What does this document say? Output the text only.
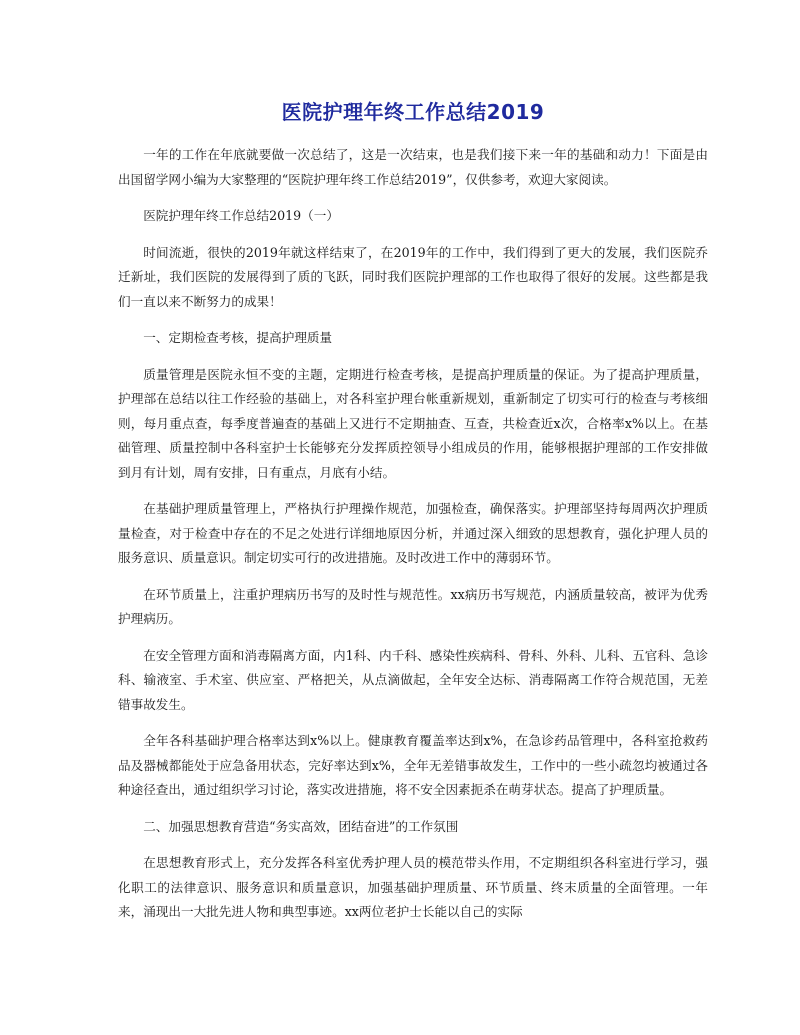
医院护理年终工作总结2019

一年的工作在年底就要做一次总结了，这是一次结束，也是我们接下来一年的基础和动力！下面是由出国留学网小编为大家整理的“医院护理年终工作总结2019”，仅供参考，欢迎大家阅读。

医院护理年终工作总结2019（一）

时间流逝，很快的2019年就这样结束了，在2019年的工作中，我们得到了更大的发展，我们医院乔迁新址，我们医院的发展得到了质的飞跃，同时我们医院护理部的工作也取得了很好的发展。这些都是我们一直以来不断努力的成果！

一、定期检查考核，提高护理质量

质量管理是医院永恒不变的主题，定期进行检查考核，是提高护理质量的保证。为了提高护理质量，护理部在总结以往工作经验的基础上，对各科室护理台帐重新规划，重新制定了切实可行的检查与考核细则，每月重点查，每季度普遍查的基础上又进行不定期抽查、互查，共检查近x次，合格率x%以上。在基础管理、质量控制中各科室护士长能够充分发挥质控领导小组成员的作用，能够根据护理部的工作安排做到月有计划，周有安排，日有重点，月底有小结。

在基础护理质量管理上，严格执行护理操作规范，加强检查，确保落实。护理部坚持每周两次护理质量检查，对于检查中存在的不足之处进行详细地原因分析，并通过深入细致的思想教育，强化护理人员的服务意识、质量意识。制定切实可行的改进措施。及时改进工作中的薄弱环节。

在环节质量上，注重护理病历书写的及时性与规范性。xx病历书写规范，内涵质量较高，被评为优秀护理病历。

在安全管理方面和消毒隔离方面，内1科、内千科、感染性疾病科、骨科、外科、儿科、五官科、急诊科、输液室、手术室、供应室、严格把关，从点滴做起，全年安全达标、消毒隔离工作符合规范国，无差错事故发生。

全年各科基础护理合格率达到x%以上。健康教育覆盖率达到x%，在急诊药品管理中，各科室抢救药品及器械都能处于应急备用状态，完好率达到x%，全年无差错事故发生，工作中的一些小疏忽均被通过各种途径查出，通过组织学习讨论，落实改进措施，将不安全因素扼杀在萌芽状态。提高了护理质量。

二、加强思想教育营造“务实高效，团结奋进”的工作氛围

在思想教育形式上，充分发挥各科室优秀护理人员的模范带头作用，不定期组织各科室进行学习，强化职工的法律意识、服务意识和质量意识，加强基础护理质量、环节质量、终末质量的全面管理。一年来，涌现出一大批先进人物和典型事迹。xx两位老护士长能以自己的实际
